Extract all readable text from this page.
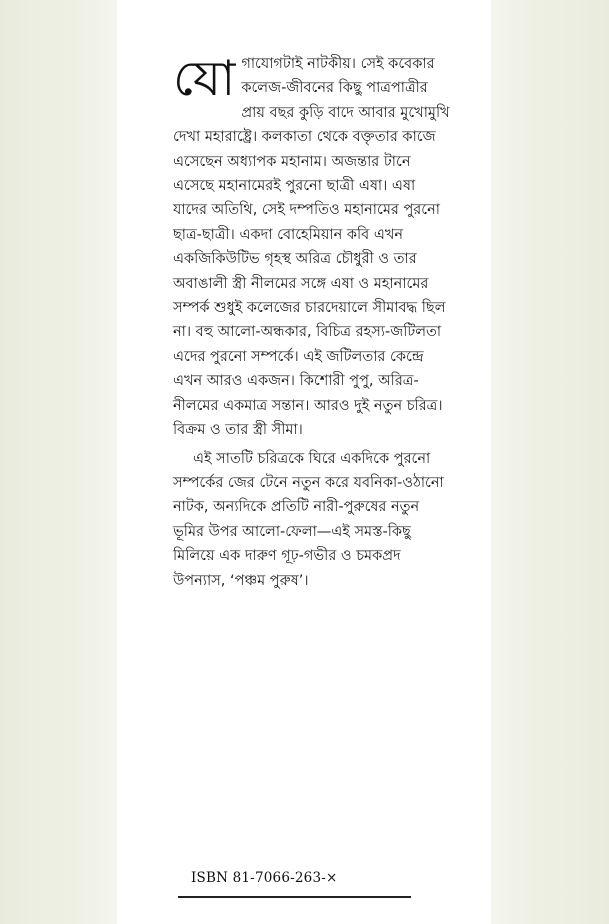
যোগাযোগটাই নাটকীয়। সেই কবেকার কলেজ-জীবনের কিছু পাত্রপাত্রীর প্রায় বছর কুড়ি বাদে আবার মুখোমুখি দেখা মহারাষ্ট্রে। কলকাতা থেকে বক্তৃতার কাজে এসেছেন অধ্যাপক মহানাম। অজন্তার টানে এসেছে মহানামেরই পুরনো ছাত্রী এষা। এষা যাদের অতিথি, সেই দম্পতিও মহানামের পুরনো ছাত্র-ছাত্রী। একদা বোহেমিয়ান কবি এখন একজিকিউটিভ গৃহস্থ অরিত্র চৌধুরী ও তার অবাঙালী স্ত্রী নীলমের সঙ্গে এষা ও মহানামের সম্পর্ক শুধুই কলেজের চারদেয়ালে সীমাবদ্ধ ছিল না। বহু আলো-অন্ধকার, বিচিত্র রহস্য-জটিলতা এদের পুরনো সম্পর্কে। এই জটিলতার কেন্দ্রে এখন আরও একজন। কিশোরী পুপু, অরিত্র-নীলমের একমাত্র সন্তান। আরও দুই নতুন চরিত্র। বিক্রম ও তার স্ত্রী সীমা।

এই সাতটি চরিত্রকে ঘিরে একদিকে পুরনো সম্পর্কের জের টেনে নতুন করে যবনিকা-ওঠানো নাটক, অন্যদিকে প্রতিটি নারী-পুরুষের নতুন ভূমির উপর আলো-ফেলা—এই সমস্ত-কিছু মিলিয়ে এক দারুণ গূঢ়-গভীর ও চমকপ্রদ উপন্যাস, ‘পঞ্চম পুরুষ’।

ISBN 81-7066-263-×
